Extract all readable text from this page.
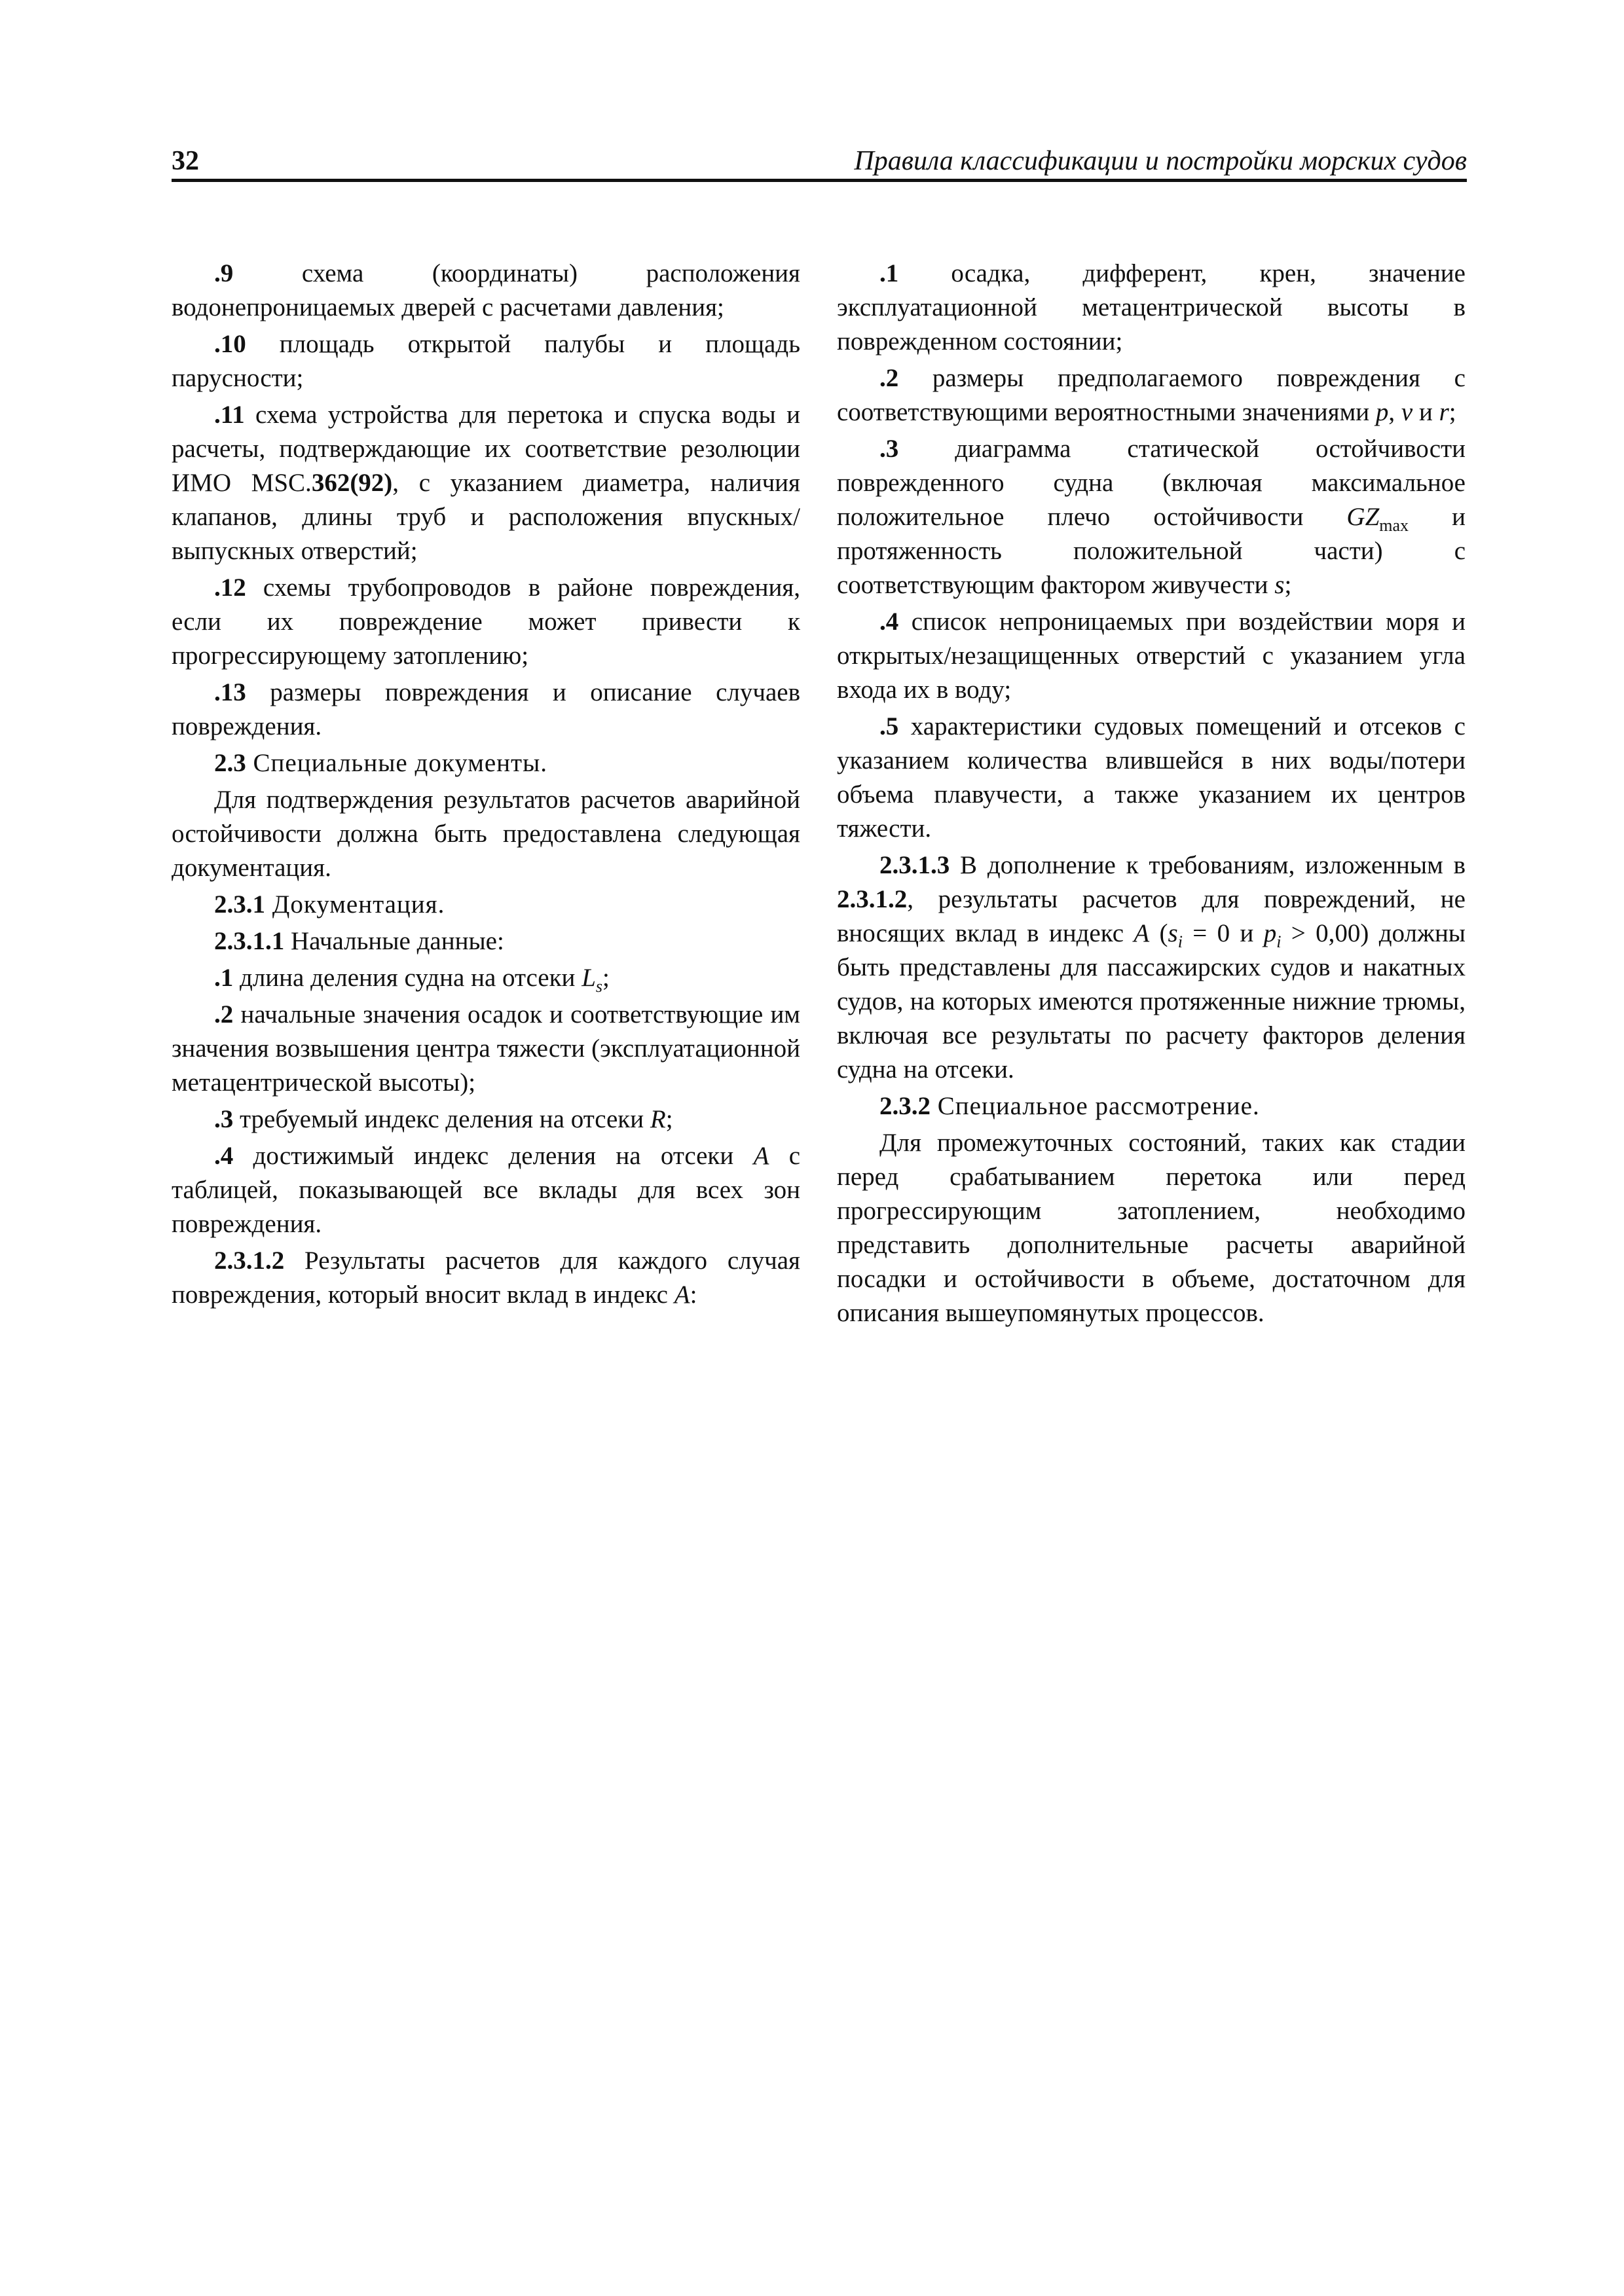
32	Правила классификации и постройки морских судов

.9 схема (координаты) расположения водонепроницаемых дверей с расчетами давления;

.10 площадь открытой палубы и площадь парусности;

.11 схема устройства для перетока и спуска воды и расчеты, подтверждающие их соответствие резолюции ИМО MSC.362(92), с указанием диаметра, наличия клапанов, длины труб и расположения впускных/выпускных отверстий;

.12 схемы трубопроводов в районе повреждения, если их повреждение может привести к прогрессирующему затоплению;

.13 размеры повреждения и описание случаев повреждения.

2.3 Специальные документы.

Для подтверждения результатов расчетов аварийной остойчивости должна быть предоставлена следующая документация.

2.3.1 Документация.

2.3.1.1 Начальные данные:

.1 длина деления судна на отсеки $L_s$;

.2 начальные значения осадок и соответствующие им значения возвышения центра тяжести (эксплуатационной метацентрической высоты);

.3 требуемый индекс деления на отсеки R;

.4 достижимый индекс деления на отсеки A с таблицей, показывающей все вклады для всех зон повреждения.

2.3.1.2 Результаты расчетов для каждого случая повреждения, который вносит вклад в индекс A:

.1 осадка, дифферент, крен, значение эксплуатационной метацентрической высоты в поврежденном состоянии;

.2 размеры предполагаемого повреждения с соответствующими вероятностными значениями p, v и r;

.3 диаграмма статической остойчивости поврежденного судна (включая максимальное положительное плечо остойчивости $GZ_{max}$ и протяженность положительной части) с соответствующим фактором живучести s;

.4 список непроницаемых при воздействии моря и открытых/незащищенных отверстий с указанием угла входа их в воду;

.5 характеристики судовых помещений и отсеков с указанием количества влившейся в них воды/потери объема плавучести, а также указанием их центров тяжести.

2.3.1.3 В дополнение к требованиям, изложенным в 2.3.1.2, результаты расчетов для повреждений, не вносящих вклад в индекс A ($s_i = 0$ и $p_i > 0,00$) должны быть представлены для пассажирских судов и накатных судов, на которых имеются протяженные нижние трюмы, включая все результаты по расчету факторов деления судна на отсеки.

2.3.2 Специальное рассмотрение.

Для промежуточных состояний, таких как стадии перед срабатыванием перетока или перед прогрессирующим затоплением, необходимо представить дополнительные расчеты аварийной посадки и остойчивости в объеме, достаточном для описания вышеупомянутых процессов.
